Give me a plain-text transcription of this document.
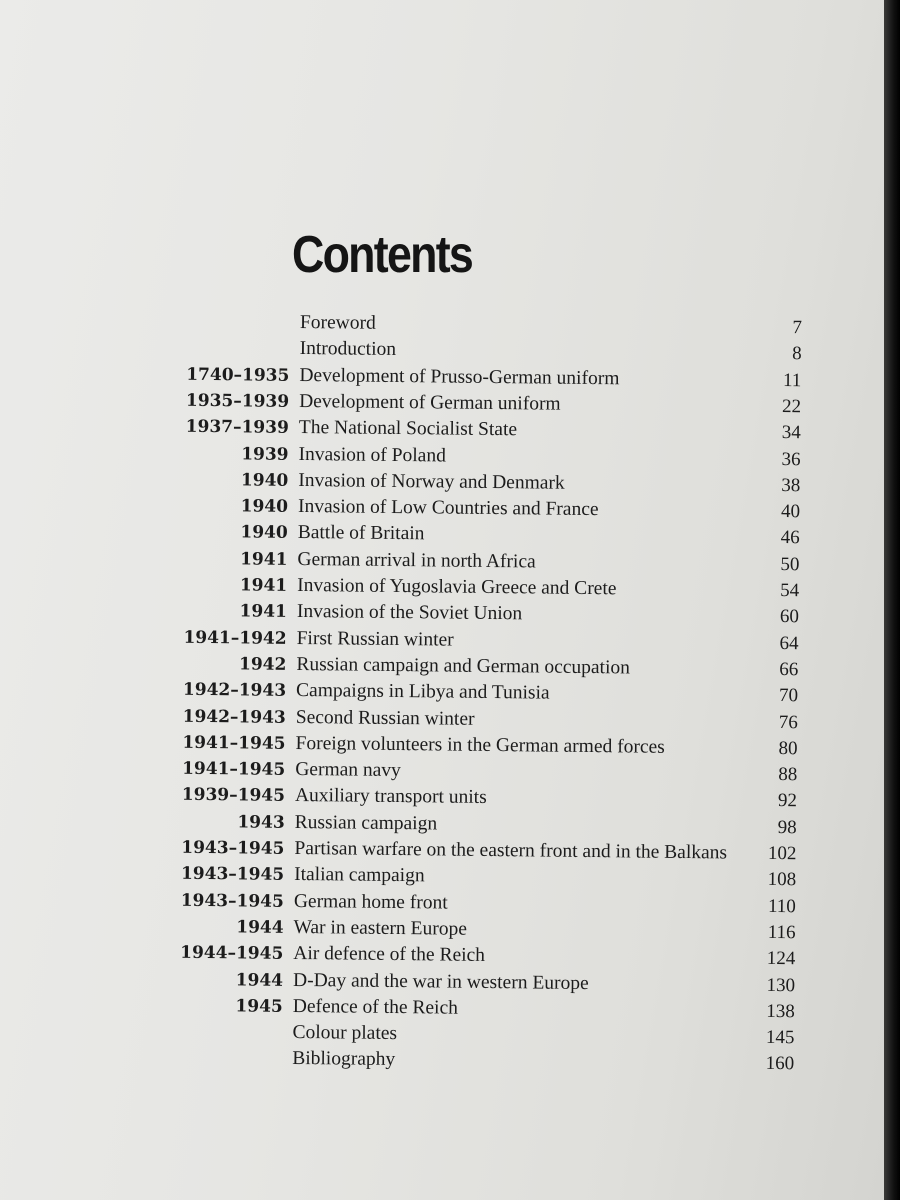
Contents
Foreword	7
Introduction	8
1740–1935 Development of Prusso-German uniform	11
1935–1939 Development of German uniform	22
1937–1939 The National Socialist State	34
1939 Invasion of Poland	36
1940 Invasion of Norway and Denmark	38
1940 Invasion of Low Countries and France	40
1940 Battle of Britain	46
1941 German arrival in north Africa	50
1941 Invasion of Yugoslavia Greece and Crete	54
1941 Invasion of the Soviet Union	60
1941–1942 First Russian winter	64
1942 Russian campaign and German occupation	66
1942–1943 Campaigns in Libya and Tunisia	70
1942–1943 Second Russian winter	76
1941–1945 Foreign volunteers in the German armed forces	80
1941–1945 German navy	88
1939–1945 Auxiliary transport units	92
1943 Russian campaign	98
1943–1945 Partisan warfare on the eastern front and in the Balkans 102
1943–1945 Italian campaign	108
1943–1945 German home front	110
1944 War in eastern Europe	116
1944–1945 Air defence of the Reich	124
1944 D-Day and the war in western Europe	130
1945 Defence of the Reich	138
Colour plates	145
Bibliography	160
